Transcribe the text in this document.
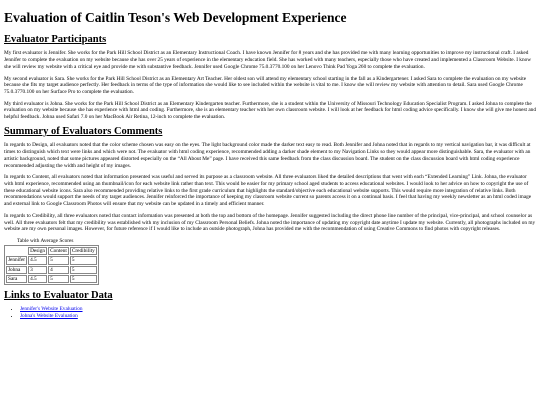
Evaluation of Caitlin Teson's Web Development Experience
Evaluator Participants

My first evaluator is Jennifer. She works for the Park Hill School District as an Elementary Instructional Coach. I have known Jennifer for 8 years and she has provided me with many learning opportunities to improve my instructional craft. I asked Jennifer to complete the evaluation on my website because she has over 25 years of experience in the elementary education field. She has worked with many teachers, especially those who have created and implemented a Classroom Website. I know she will review my website with a critical eye and provide me with substantive feedback. Jennifer used Google Chrome 75.0.3770.100 on her Lenovo Think Pad Yoga 260 to complete the evaluation.

My second evaluator is Sara. She works for the Park Hill School District as an Elementary Art Teacher. Her oldest son will attend my elementary school starting in the fall as a Kindergartener. I asked Sara to complete the evaluation on my website because she fits my target audience perfectly. Her feedback in terms of the type of information she would like to see included within the website is vital to me. I know she will review my website with attention to detail. Sara used Google Chrome 75.0.3770.100 on her Surface Pro to complete the evaluation.

My third evaluator is Johna. She works for the Park Hill School District as an Elementary Kindergarten teacher. Furthermore, she is a student within the University of Missouri Technology Education Specialist Program. I asked Johna to complete the evaluation on my website because she has experience with html and coding. Furthermore, she is an elementary teacher with her own classroom website. I will look at her feedback for html coding advice specifically. I know she will give me honest and helpful feedback. Johna used Safari 7.0 on her MacBook Air Retina, 12-inch to complete the evaluation.

Summary of Evaluators Comments

In regards to Design, all evaluators noted that the color scheme chosen was easy on the eyes. The light background color made the darker text easy to read. Both Jennifer and Johna noted that in regards to my vertical navigation bar, it was difficult at times to distinguish which text were links and which were not. The evaluator with html coding experience, recommended adding a darker shade element to my Navigation Links so they would appear more distinguishable. Sara, the evaluator with an artistic background, noted that some pictures appeared distorted especially on the “All About Me” page. I have received this same feedback from the class discussion board. The student on the class discussion board with html coding experience recommended adjusting the width and height of my images.

In regards to Content, all evaluators noted that information presented was useful and served its purpose as a classroom website. All three evaluators liked the detailed descriptions that went with each “Extended Learning” Link. Johna, the evaluator with html experience, recommended using an thumbnail/icon for each website link rather than text. This would be easier for my primary school aged students to access educational websites. I would look to her advice on how to copyright the use of these educational website icons. Sara also recommended providing relative links to the first grade curriculum that highlights the standard/objective each educational website supports. This would require more integration of relative links. Both recommendations would support the needs of my target audiences. Jennifer reinforced the importance of keeping my classroom website current so parents access it on a continual basis. I feel that having my weekly newsletter as an html coded image and external link to Google Classroom Photos will ensure that my website can be updated in a timely and efficient manner.

In regards to Credibility, all three evaluators noted that contact information was presented at both the top and bottom of the homepage. Jennifer suggested including the direct phone line number of the principal, vice-principal, and school counselor as well. All three evaluators felt that my credibility was established with my inclusion of my Classroom Personal Beliefs. Johna noted the importance of updating my copyright date anytime I update my website. Currently, all photographs included on my website are my own personal images. However, for future reference if I would like to include an outside photograph, Johna has provided me with the recommendation of using Creative Commons to find photos with copyright releases.

Table with Average Scores
	Design	Content	Credibility
Jennifer	4.5	5	5
Johna	3	4	5
Sara	4.5	5	5
Links to Evaluator Data
• Jennifer's Website Evaluation
• Johna's Website Evaluation
